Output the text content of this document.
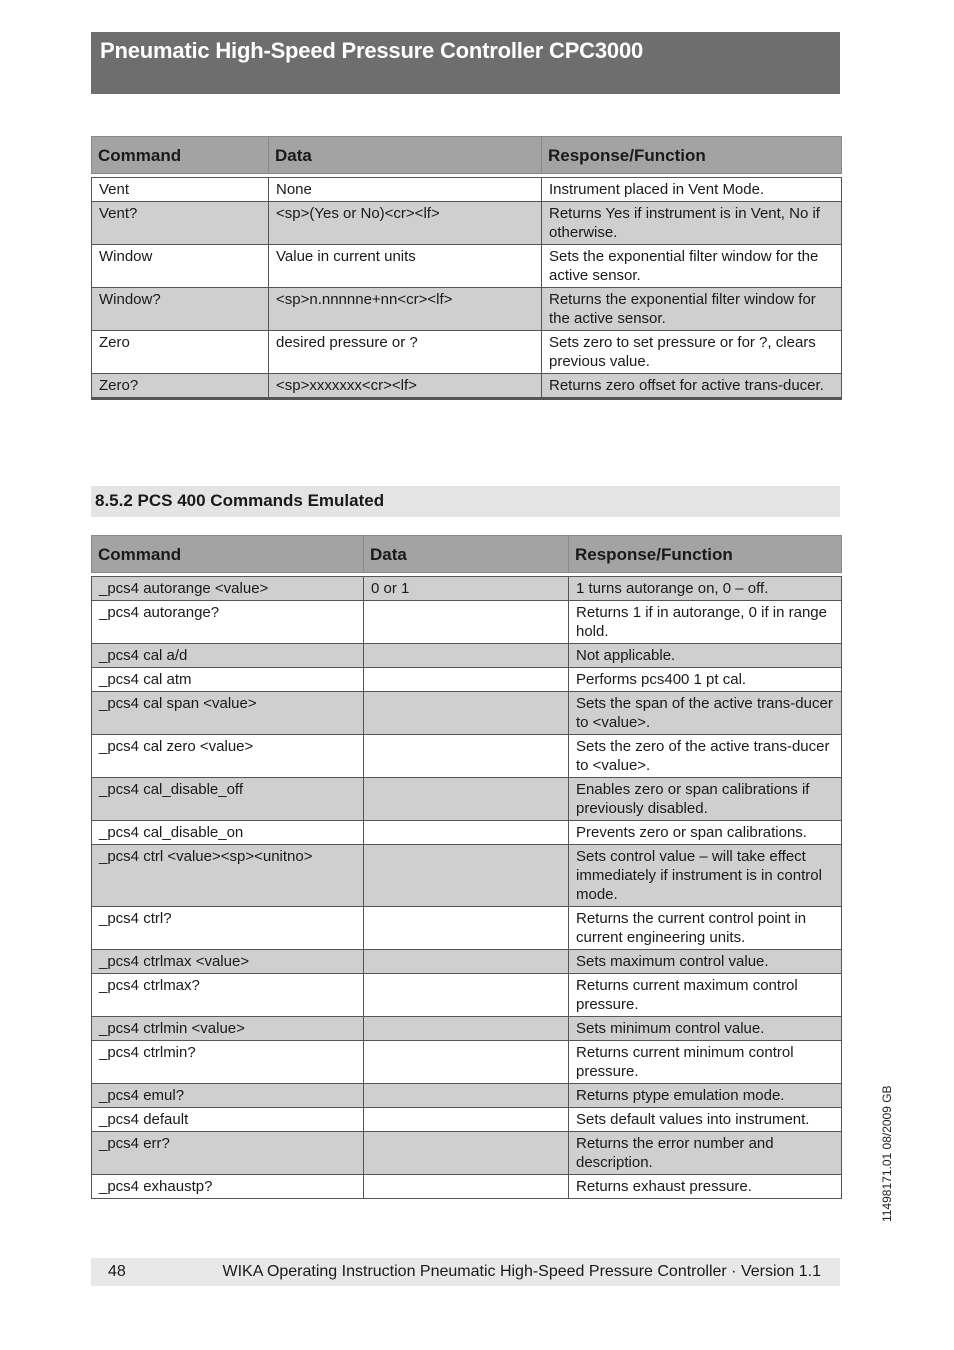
Pneumatic High-Speed Pressure Controller CPC3000
Command	Data	Response/Function

Vent	None	Instrument placed in Vent Mode.
Vent?	<sp>(Yes or No)<cr><lf>	Returns Yes if instrument is in Vent, No if otherwise.
Window	Value in current units	Sets the exponential filter window for the active sensor.
Window?	<sp>n.nnnnne+nn<cr><lf>	Returns the exponential filter window for the active sensor.
Zero	desired pressure or ?	Sets zero to set pressure or for ?, clears previous value.
Zero?	<sp>xxxxxxx<cr><lf>	Returns zero offset for active trans-ducer.
8.5.2 PCS 400 Commands Emulated
Command	Data	Response/Function

_pcs4 autorange <value>	0 or 1	1 turns autorange on, 0 – off.
_pcs4 autorange?		Returns 1 if in autorange, 0 if in range hold.
_pcs4 cal a/d		Not applicable.
_pcs4 cal atm		Performs pcs400 1 pt cal.
_pcs4 cal span <value>		Sets the span of the active trans-ducer to <value>.
_pcs4 cal zero <value>		Sets the zero of the active trans-ducer to <value>.
_pcs4 cal_disable_off		Enables zero or span calibrations if previously disabled.
_pcs4 cal_disable_on		Prevents zero or span calibrations.
_pcs4 ctrl <value><sp><unitno>		Sets control value – will take effect immediately if instrument is in control mode.
_pcs4 ctrl?		Returns the current control point in current engineering units.
_pcs4 ctrlmax <value>		Sets maximum control value.
_pcs4 ctrlmax?		Returns current maximum control pressure.
_pcs4 ctrlmin <value>		Sets minimum control value.
_pcs4 ctrlmin?		Returns current minimum control pressure.
_pcs4 emul?		Returns ptype emulation mode.
_pcs4 default		Sets default values into instrument.
_pcs4 err?		Returns the error number and description.
_pcs4 exhaustp?		Returns exhaust pressure.	11498171.01 08/2009 GB
48	WIKA Operating Instruction Pneumatic High-Speed Pressure Controller · Version 1.1
